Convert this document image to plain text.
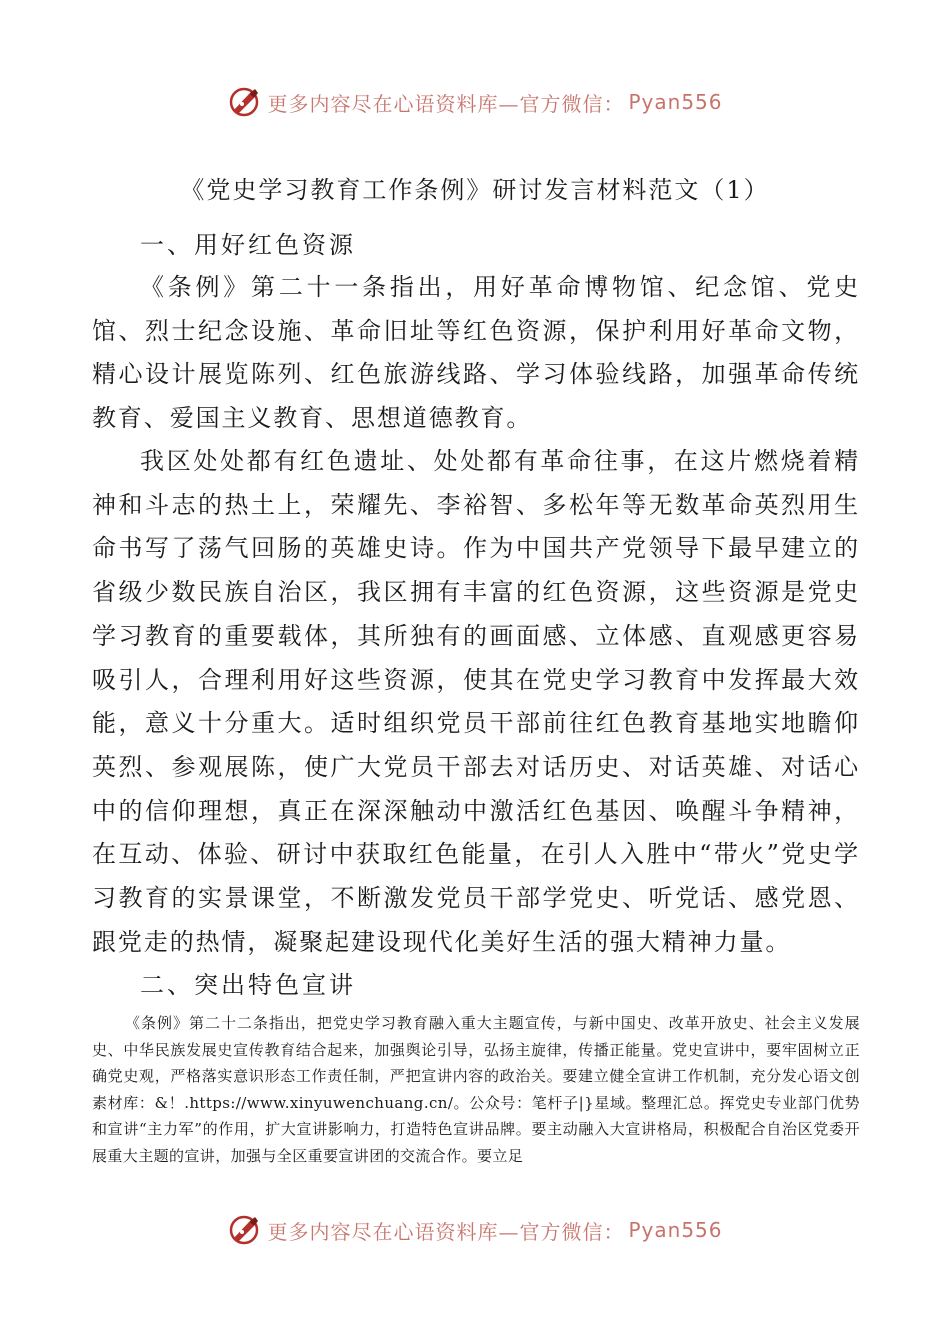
更多内容尽在心语资料库—官方微信： Pyan556
《党史学习教育工作条例》研讨发言材料范文（1）
一、用好红色资源

《条例》第二十一条指出，用好革命博物馆、纪念馆、党史馆、烈士纪念设施、革命旧址等红色资源，保护利用好革命文物，精心设计展览陈列、红色旅游线路、学习体验线路，加强革命传统教育、爱国主义教育、思想道德教育。

我区处处都有红色遗址、处处都有革命往事，在这片燃烧着精神和斗志的热土上，荣耀先、李裕智、多松年等无数革命英烈用生命书写了荡气回肠的英雄史诗。作为中国共产党领导下最早建立的省级少数民族自治区，我区拥有丰富的红色资源，这些资源是党史学习教育的重要载体，其所独有的画面感、立体感、直观感更容易吸引人，合理利用好这些资源，使其在党史学习教育中发挥最大效能，意义十分重大。适时组织党员干部前往红色教育基地实地瞻仰英烈、参观展陈，使广大党员干部去对话历史、对话英雄、对话心中的信仰理想，真正在深深触动中激活红色基因、唤醒斗争精神，在互动、体验、研讨中获取红色能量，在引人入胜中“带火”党史学习教育的实景课堂，不断激发党员干部学党史、听党话、感党恩、跟党走的热情，凝聚起建设现代化美好生活的强大精神力量。

二、突出特色宣讲

《条例》第二十二条指出，把党史学习教育融入重大主题宣传，与新中国史、改革开放史、社会主义发展史、中华民族发展史宣传教育结合起来，加强舆论引导，弘扬主旋律，传播正能量。党史宣讲中，要牢固树立正确党史观，严格落实意识形态工作责任制，严把宣讲内容的政治关。要建立健全宣讲工作机制，充分发心语文创素材库：&！.https://www.xinyuwenchuang.cn/。公众号：笔杆子|}星域。整理汇总。挥党史专业部门优势和宣讲“主力军”的作用，扩大宣讲影响力，打造特色宣讲品牌。要主动融入大宣讲格局，积极配合自治区党委开展重大主题的宣讲，加强与全区重要宣讲团的交流合作。要立足

更多内容尽在心语资料库—官方微信： Pyan556
